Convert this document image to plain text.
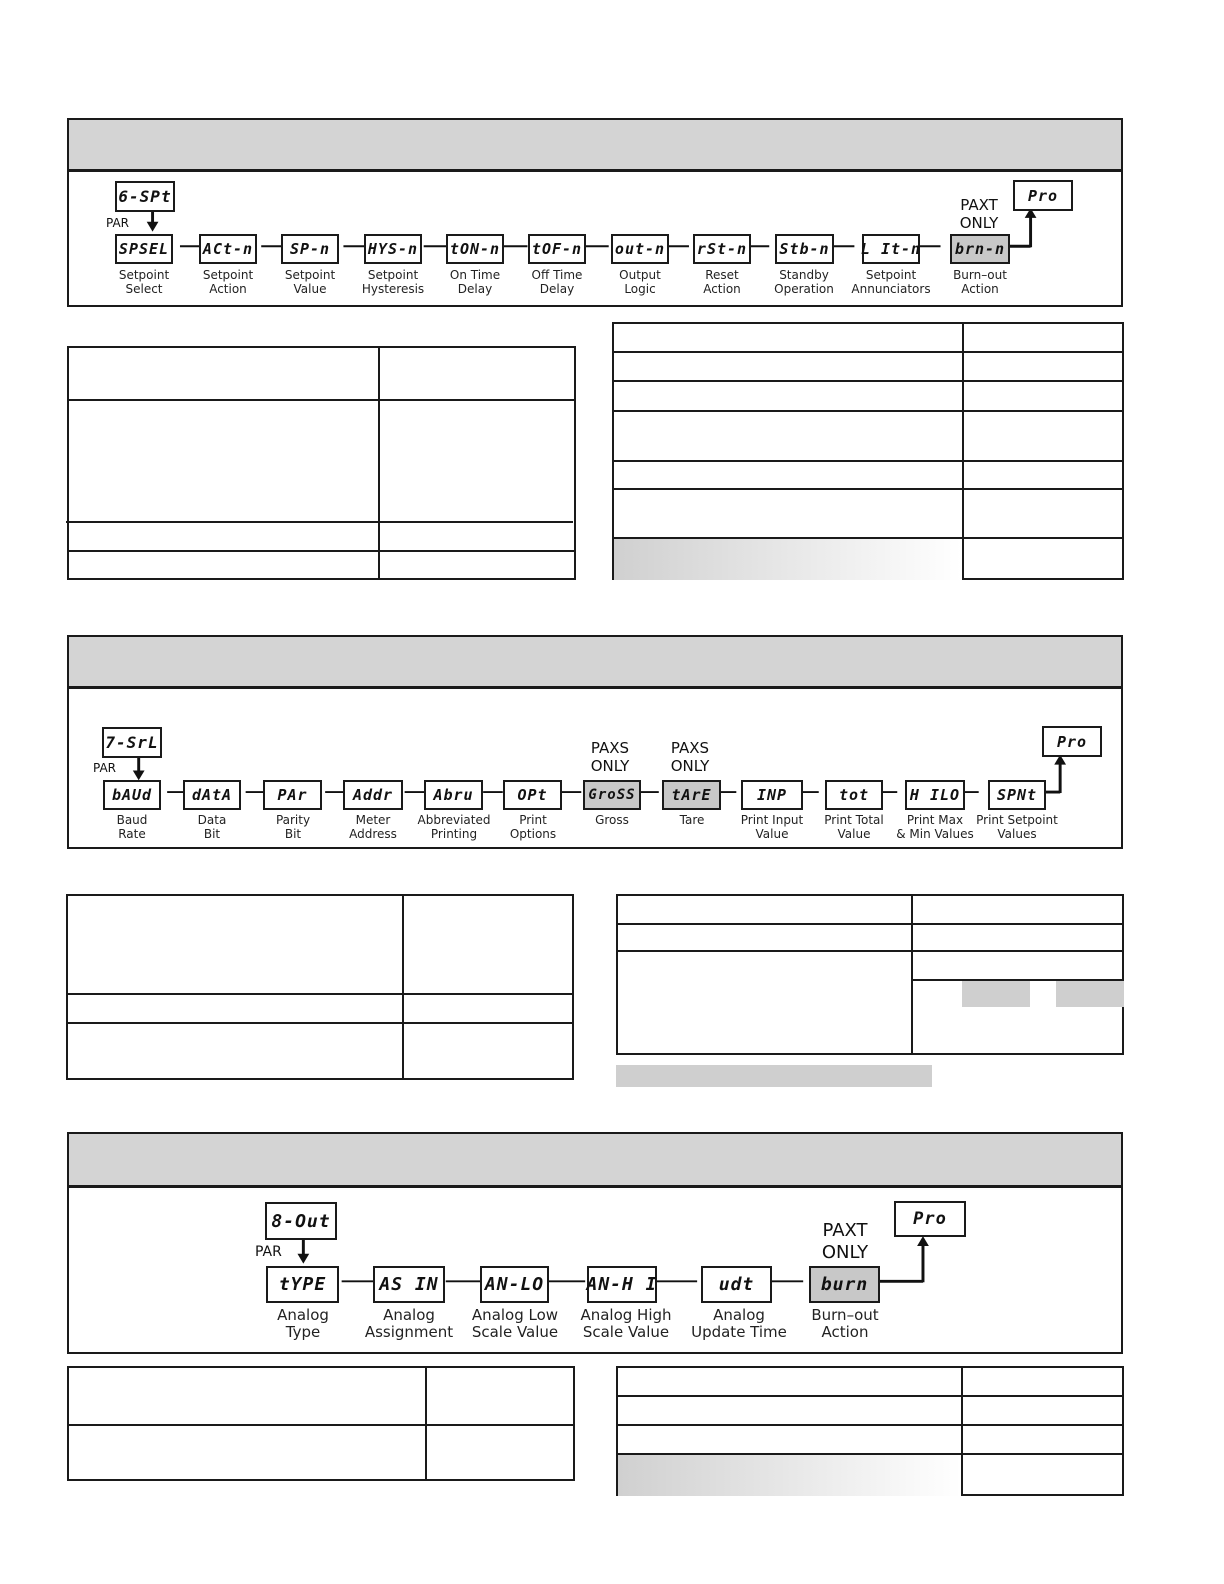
6-SPt
PAR
Pro
PAXT
ONLY
SPSEL
Setpoint
Select
ACt-n
Setpoint
Action
SP-n
Setpoint
Value
HYS-n
Setpoint
Hysteresis
tON-n
On Time
Delay
tOF-n
Off Time
Delay
out-n
Output
Logic
rSt-n
Reset
Action
Stb-n
Standby
Operation
L It-n
Setpoint
Annunciators
brn-n
Burn–out
Action
7-SrL
PAR
Pro
PAXS
ONLY
PAXS
ONLY
bAUd
Baud
Rate
dAtA
Data
Bit
PAr
Parity
Bit
Addr
Meter
Address
Abru
Abbreviated
Printing
OPt
Print
Options
GroSS
Gross
tArE
Tare
INP
Print Input
Value
tot
Print Total
Value
H ILO
Print Max
& Min Values
SPNt
Print Setpoint
Values
8-Out
PAR
Pro
PAXT
ONLY
tYPE
Analog
Type
AS IN
Analog
Assignment
AN-LO
Analog Low
Scale Value
AN-H I
Analog High
Scale Value
udt
Analog
Update Time
burn
Burn–out
Action
